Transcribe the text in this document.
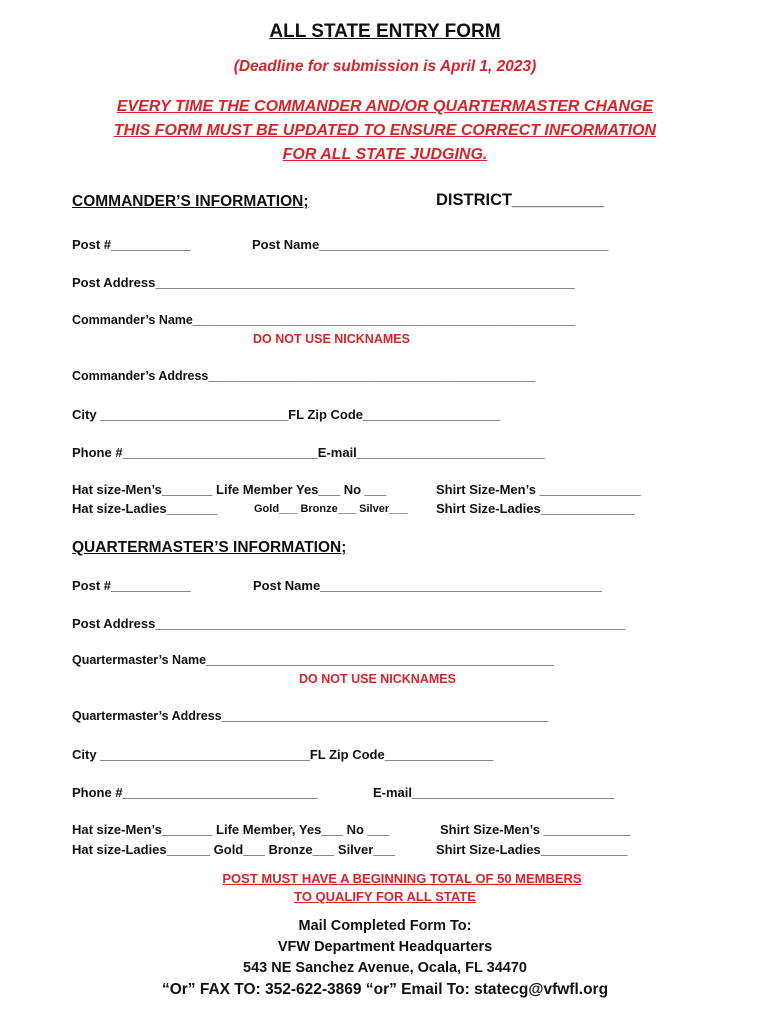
ALL STATE ENTRY FORM
(Deadline for submission is April 1, 2023)
EVERY TIME THE COMMANDER AND/OR QUARTERMASTER CHANGE
THIS FORM MUST BE UPDATED TO ENSURE CORRECT INFORMATION
FOR ALL STATE JUDGING.
COMMANDER’S INFORMATION;	DISTRICT__________
Post #___________	Post Name________________________________________
Post Address__________________________________________________________
Commander’s Name_______________________________________________________
DO NOT USE NICKNAMES
Commander’s Address_______________________________________________
City __________________________FL Zip Code___________________
Phone #___________________________E-mail__________________________
Hat size-Men’s_______ Life Member Yes___ No ___	Shirt Size-Men’s ______________
Hat size-Ladies_______	Gold___ Bronze___ Silver___ Shirt Size-Ladies_____________
QUARTERMASTER’S INFORMATION;
Post #___________	Post Name_______________________________________
Post Address_________________________________________________________________
Quartermaster’s Name__________________________________________________
DO NOT USE NICKNAMES
Quartermaster’s Address_______________________________________________
City _____________________________FL Zip Code_______________
Phone #___________________________	E-mail____________________________
Hat size-Men’s_______ Life Member, Yes___ No ___	Shirt Size-Men’s ____________
Hat size-Ladies______ Gold___ Bronze___ Silver___	Shirt Size-Ladies____________
POST MUST HAVE A BEGINNING TOTAL OF 50 MEMBERS
TO QUALIFY FOR ALL STATE
Mail Completed Form To:
VFW Department Headquarters
543 NE Sanchez Avenue, Ocala, FL 34470
“Or” FAX TO: 352-622-3869 “or” Email To: statecg@vfwfl.org
